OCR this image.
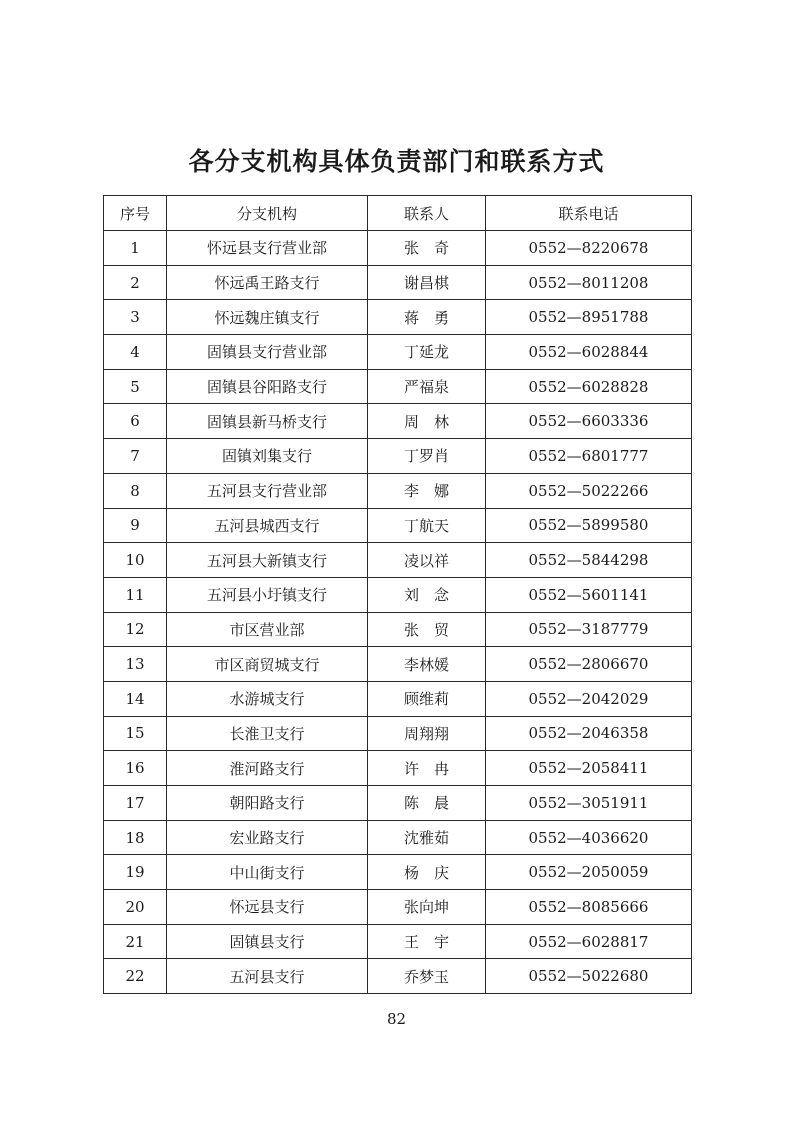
各分支机构具体负责部门和联系方式
序号	分支机构	联系人	联系电话
1	怀远县支行营业部	张　奇	0552—8220678
2	怀远禹王路支行	谢昌棋	0552—8011208
3	怀远魏庄镇支行	蒋　勇	0552—8951788
4	固镇县支行营业部	丁延龙	0552—6028844
5	固镇县谷阳路支行	严福泉	0552—6028828
6	固镇县新马桥支行	周　林	0552—6603336
7	固镇刘集支行	丁罗肖	0552—6801777
8	五河县支行营业部	李　娜	0552—5022266
9	五河县城西支行	丁航天	0552—5899580
10	五河县大新镇支行	凌以祥	0552—5844298
11	五河县小圩镇支行	刘　念	0552—5601141
12	市区营业部	张　贸	0552—3187779
13	市区商贸城支行	李林媛	0552—2806670
14	水游城支行	顾维莉	0552—2042029
15	长淮卫支行	周翔翔	0552—2046358
16	淮河路支行	许　冉	0552—2058411
17	朝阳路支行	陈　晨	0552—3051911
18	宏业路支行	沈雅茹	0552—4036620
19	中山街支行	杨　庆	0552—2050059
20	怀远县支行	张向坤	0552—8085666
21	固镇县支行	王　宇	0552—6028817
22	五河县支行	乔梦玉	0552—5022680
82
